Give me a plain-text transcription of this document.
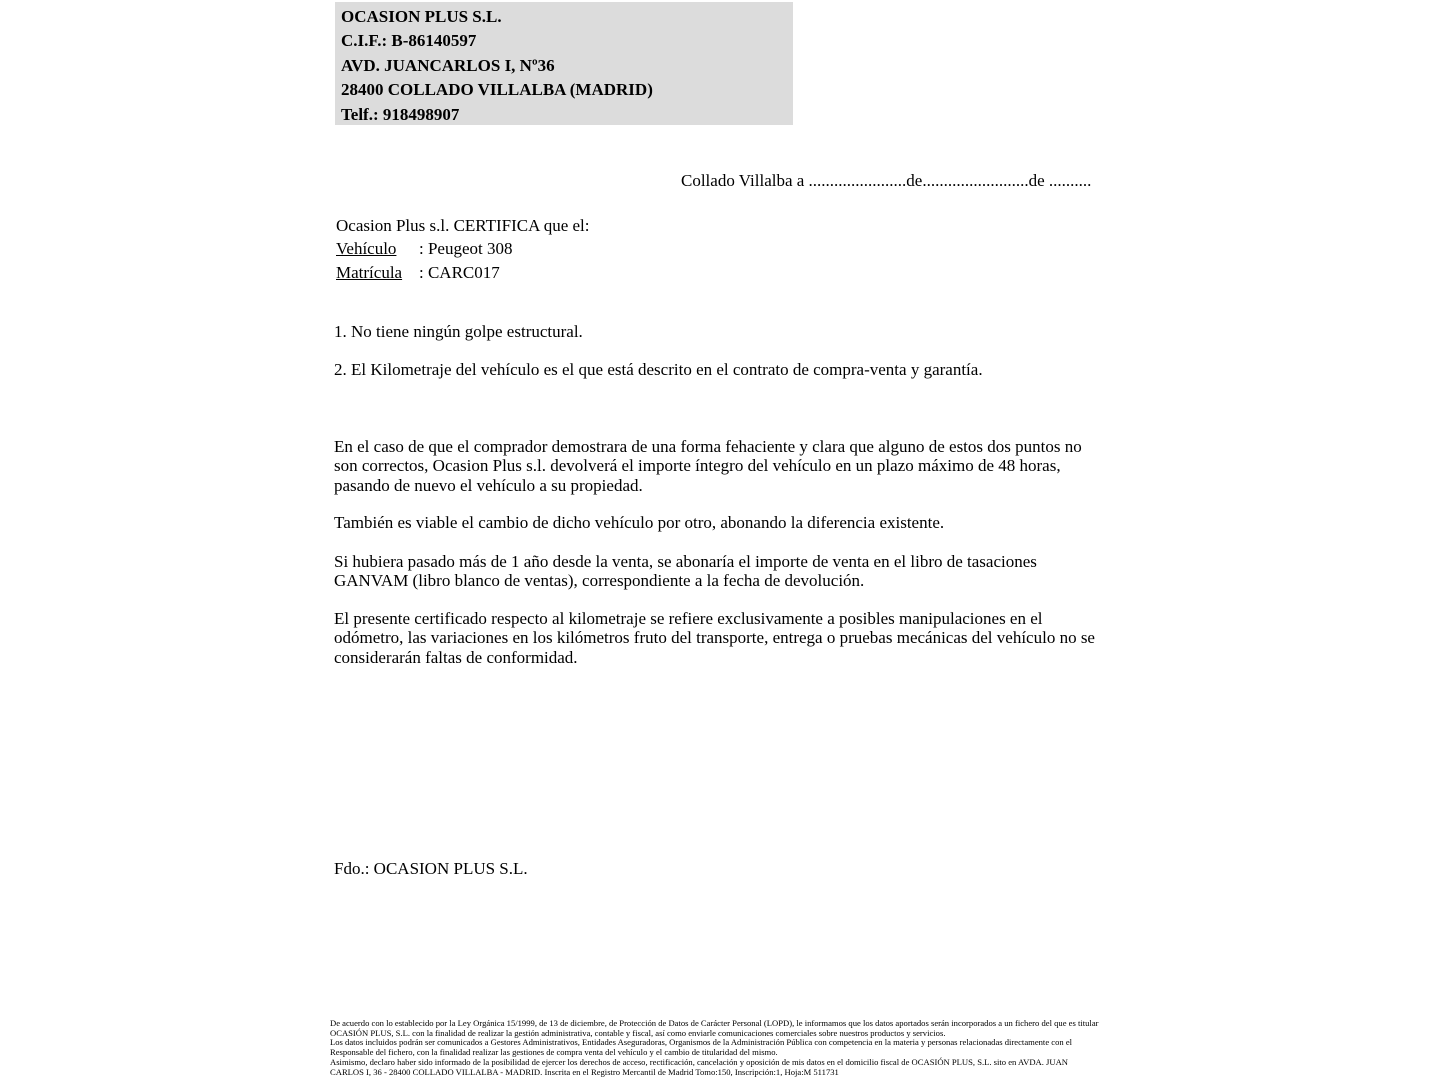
OCASION PLUS S.L.
C.I.F.: B-86140597
AVD. JUANCARLOS I, Nº36
28400 COLLADO VILLALBA (MADRID)
Telf.: 918498907
Collado Villalba a .......................de.........................de ..........
Ocasion Plus s.l. CERTIFICA que el:
Vehículo : Peugeot 308
Matrícula : CARC017
1. No tiene ningún golpe estructural.
2. El Kilometraje del vehículo es el que está descrito en el contrato de compra-venta y garantía.
En el caso de que el comprador demostrara de una forma fehaciente y clara que alguno de estos dos puntos no son correctos, Ocasion Plus s.l. devolverá el importe íntegro del vehículo en un plazo máximo de 48 horas, pasando de nuevo el vehículo a su propiedad.
También es viable el cambio de dicho vehículo por otro, abonando la diferencia existente.
Si hubiera pasado más de 1 año desde la venta, se abonaría el importe de venta en el libro de tasaciones GANVAM (libro blanco de ventas), correspondiente a la fecha de devolución.
El presente certificado respecto al kilometraje se refiere exclusivamente a posibles manipulaciones en el odómetro, las variaciones en los kilómetros fruto del transporte, entrega o pruebas mecánicas del vehículo no se considerarán faltas de conformidad.
Fdo.: OCASION PLUS S.L.
De acuerdo con lo establecido por la Ley Orgánica 15/1999, de 13 de diciembre, de Protección de Datos de Carácter Personal (LOPD), le informamos que los datos aportados serán incorporados a un fichero del que es titular
OCASIÓN PLUS, S.L. con la finalidad de realizar la gestión administrativa, contable y fiscal, así como enviarle comunicaciones comerciales sobre nuestros productos y servicios.
Los datos incluidos podrán ser comunicados a Gestores Administrativos, Entidades Aseguradoras, Organismos de la Administración Pública con competencia en la materia y personas relacionadas directamente con el
Responsable del fichero, con la finalidad realizar las gestiones de compra venta del vehículo y el cambio de titularidad del mismo.
Asimismo, declaro haber sido informado de la posibilidad de ejercer los derechos de acceso, rectificación, cancelación y oposición de mis datos en el domicilio fiscal de OCASIÓN PLUS, S.L. sito en AVDA. JUAN
CARLOS I, 36 - 28400 COLLADO VILLALBA - MADRID. Inscrita en el Registro Mercantil de Madrid Tomo:150, Inscripción:1, Hoja:M 511731
